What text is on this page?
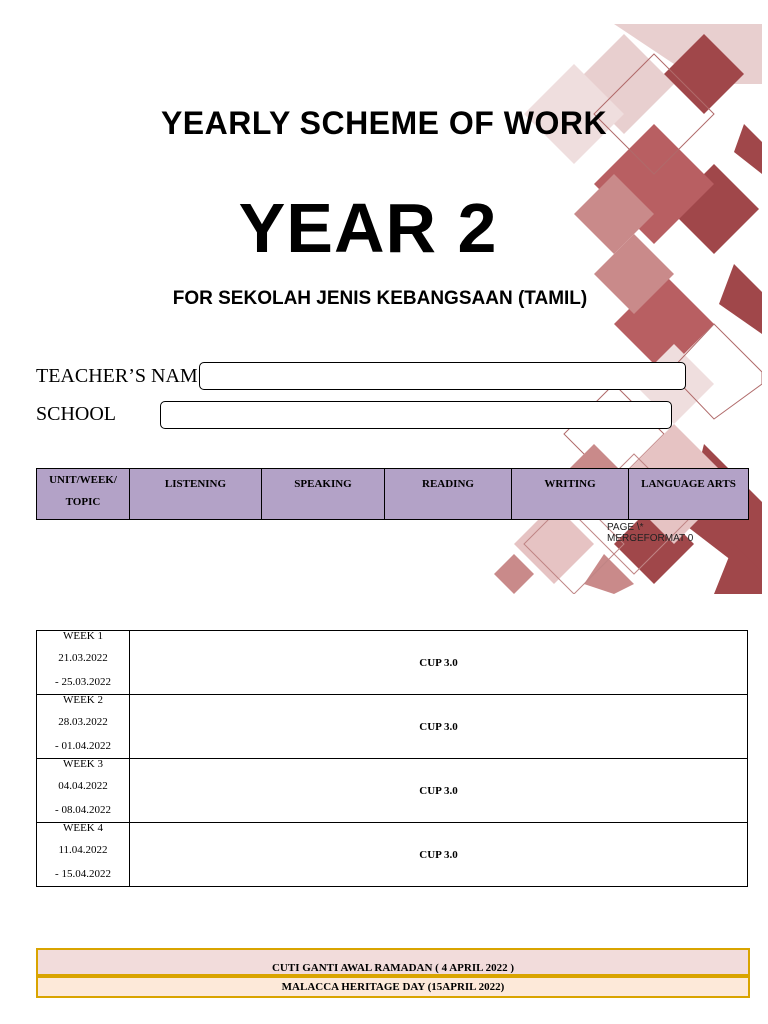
YEARLY SCHEME OF WORK
YEAR 2
FOR SEKOLAH JENIS KEBANGSAAN (TAMIL)
TEACHER’S NAM
SCHOOL
UNIT/WEEK/ TOPIC	LISTENING	SPEAKING	READING	WRITING	LANGUAGE ARTS
PAGE \*
MERGEFORMAT 0
WEEK 1
21.03.2022
- 25.03.2022	CUP 3.0

WEEK 2
28.03.2022
- 01.04.2022	CUP 3.0

WEEK 3
04.04.2022
- 08.04.2022	CUP 3.0

WEEK 4
11.04.2022
- 15.04.2022	CUP 3.0
CUTI GANTI AWAL RAMADAN ( 4 APRIL 2022 )
MALACCA HERITAGE DAY (15APRIL 2022)
